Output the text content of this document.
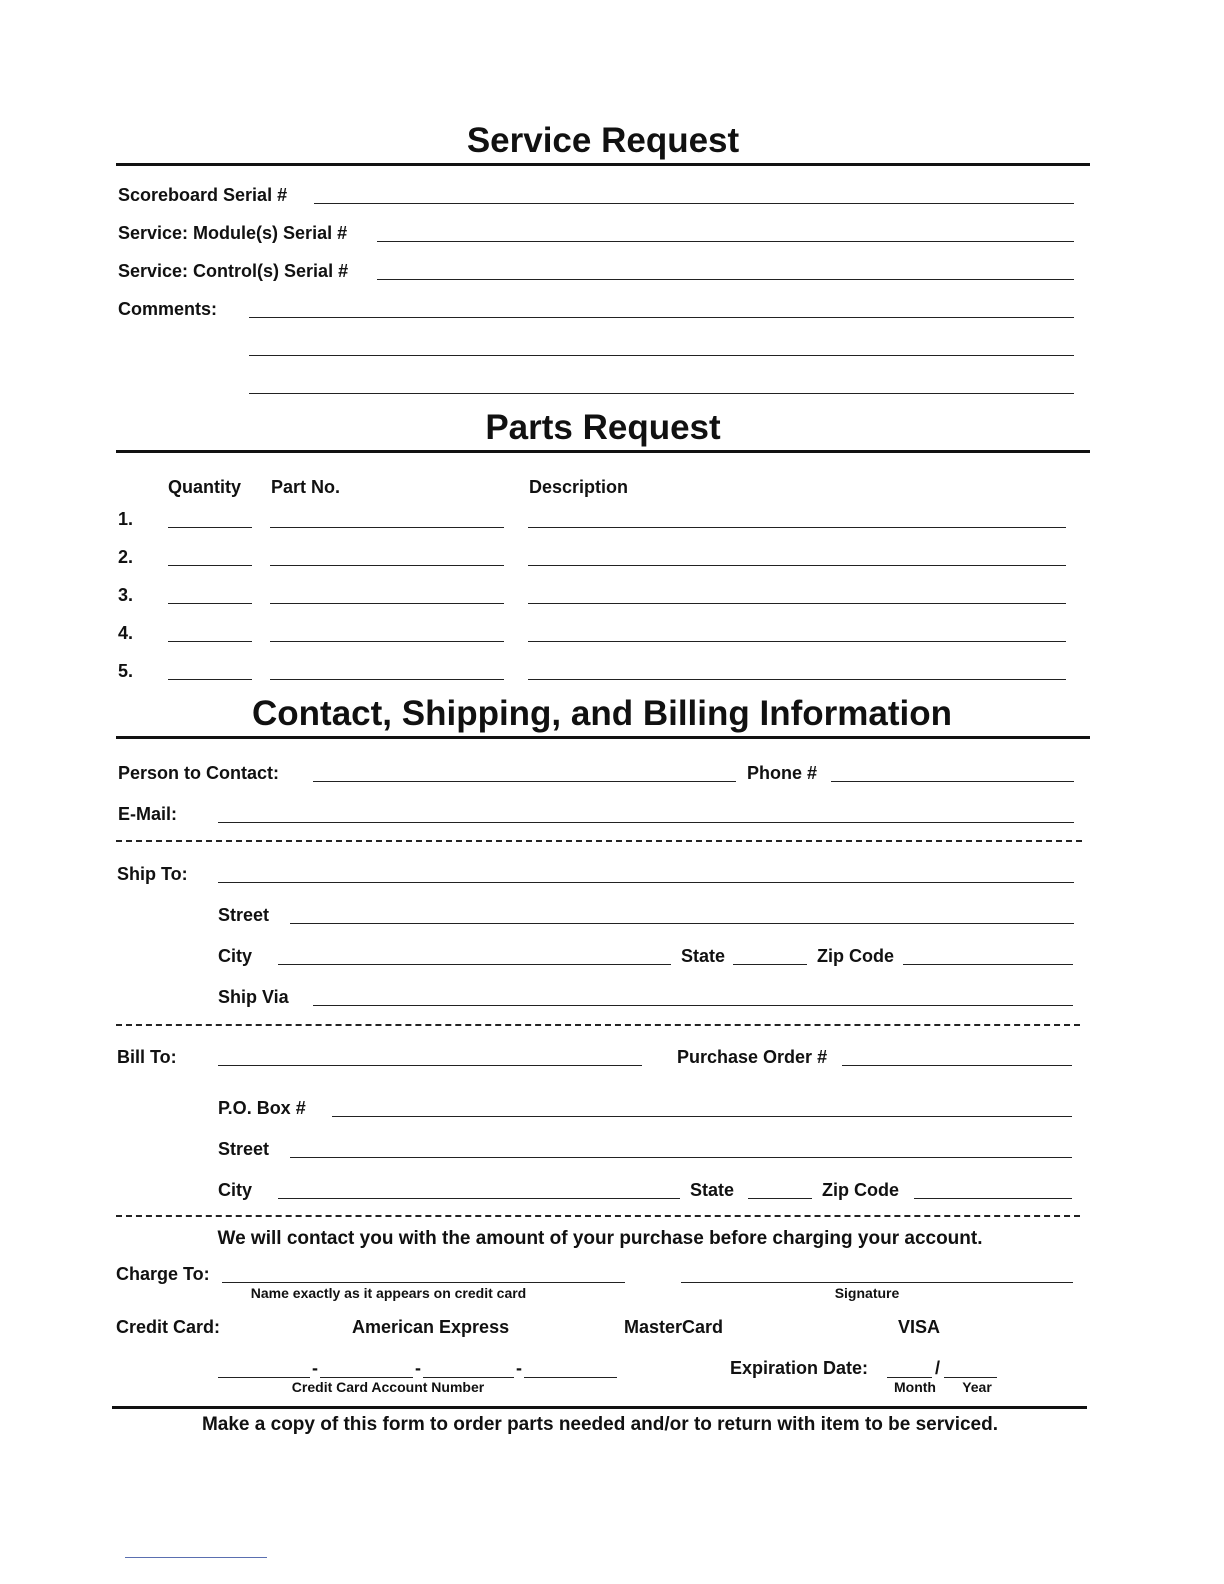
Service Request
Scoreboard Serial #
Service: Module(s) Serial #
Service: Control(s) Serial #
Comments:
Parts Request
Quantity Part No.	Description
1.
2.
3.
4.
5.
Contact, Shipping, and Billing Information
Person to Contact:	Phone #
E-Mail:
Ship To:
Street
City	State	Zip Code
Ship Via
Bill To:	Purchase Order #
P.O. Box #
Street
City	State	Zip Code
We will contact you with the amount of your purchase before charging your account.
Charge To:
Name exactly as it appears on credit card	Signature
Credit Card:	American Express	MasterCard	VISA
-	-	-
Credit Card Account Number
Expiration Date:	/
Month	Year
Make a copy of this form to order parts needed and/or to return with item to be serviced.
